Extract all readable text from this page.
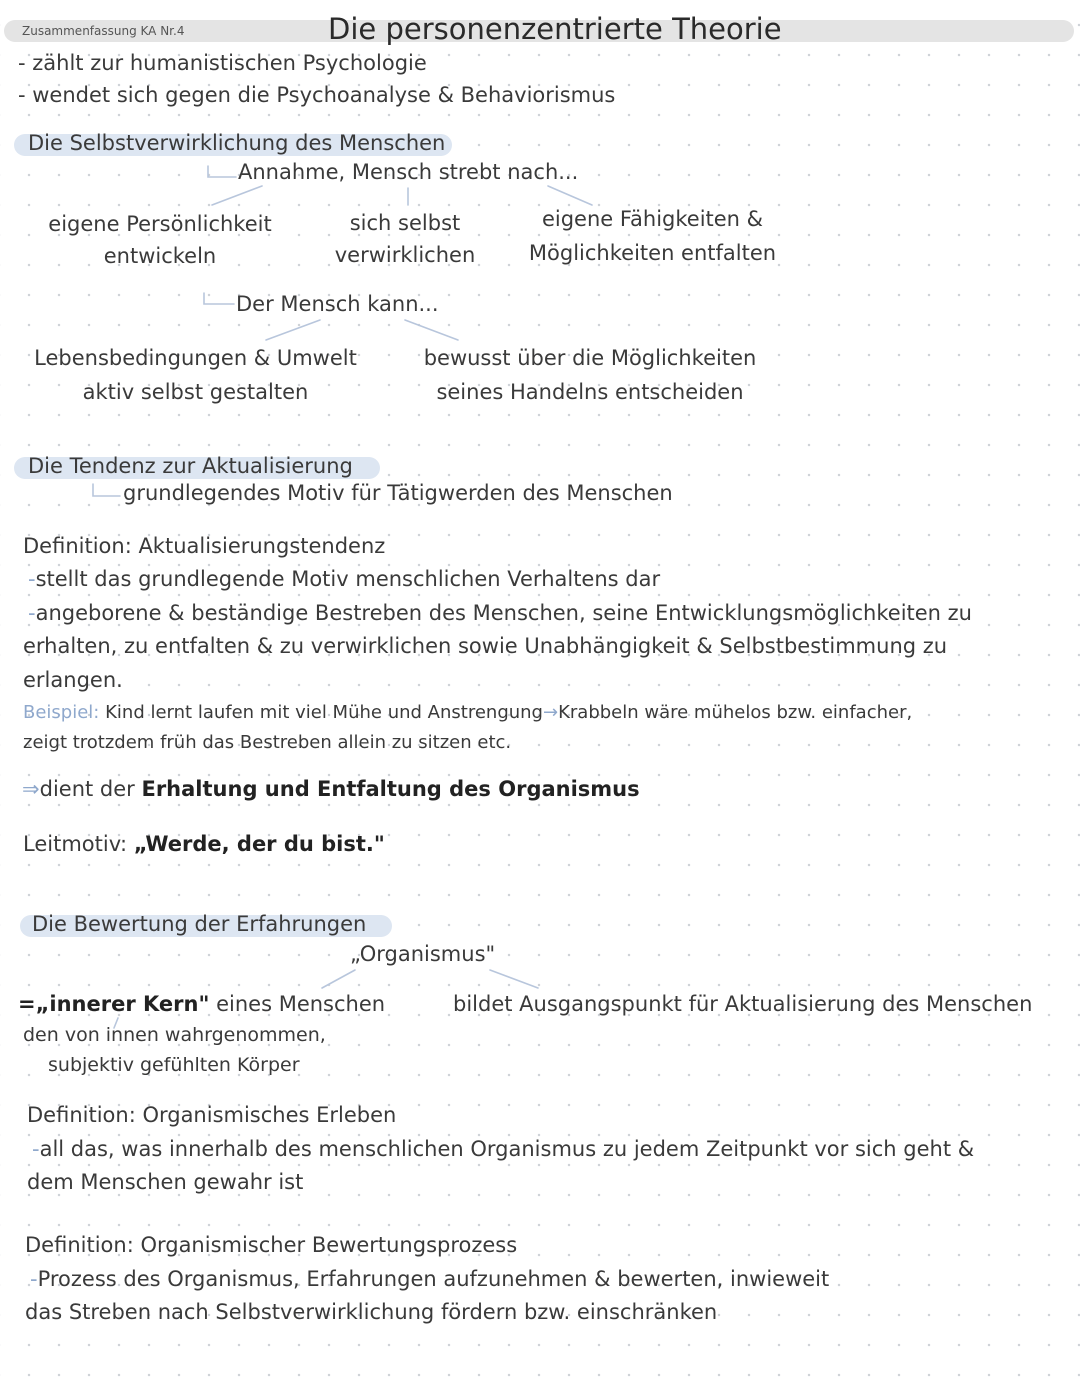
Zusammenfassung KA Nr.4	Die personenzentrierte Theorie
- zählt zur humanistischen Psychologie
- wendet sich gegen die Psychoanalyse & Behaviorismus
Die Selbstverwirklichung des Menschen
Annahme, Mensch strebt nach...
eigene Persönlichkeit
entwickeln
sich selbst
verwirklichen
eigene Fähigkeiten &
Möglichkeiten entfalten
Der Mensch kann...
Lebensbedingungen & Umwelt
aktiv selbst gestalten
bewusst über die Möglichkeiten
seines Handelns entscheiden
Die Tendenz zur Aktualisierung
grundlegendes Motiv für Tätigwerden des Menschen
Definition: Aktualisierungstendenz
-stellt das grundlegende Motiv menschlichen Verhaltens dar
-angeborene & beständige Bestreben des Menschen, seine Entwicklungsmöglichkeiten zu
erhalten, zu entfalten & zu verwirklichen sowie Unabhängigkeit & Selbstbestimmung zu
erlangen.
Beispiel: Kind lernt laufen mit viel Mühe und Anstrengung→Krabbeln wäre mühelos bzw. einfacher,
zeigt trotzdem früh das Bestreben allein zu sitzen etc.
⇒dient der Erhaltung und Entfaltung des Organismus
Leitmotiv: „Werde, der du bist."
Die Bewertung der Erfahrungen
„Organismus"
=„innerer Kern" eines Menschen	bildet Ausgangspunkt für Aktualisierung des Menschen
den von innen wahrgenommen,
subjektiv gefühlten Körper
Definition: Organismisches Erleben
-all das, was innerhalb des menschlichen Organismus zu jedem Zeitpunkt vor sich geht &
dem Menschen gewahr ist
Definition: Organismischer Bewertungsprozess
-Prozess des Organismus, Erfahrungen aufzunehmen & bewerten, inwieweit
das Streben nach Selbstverwirklichung fördern bzw. einschränken
